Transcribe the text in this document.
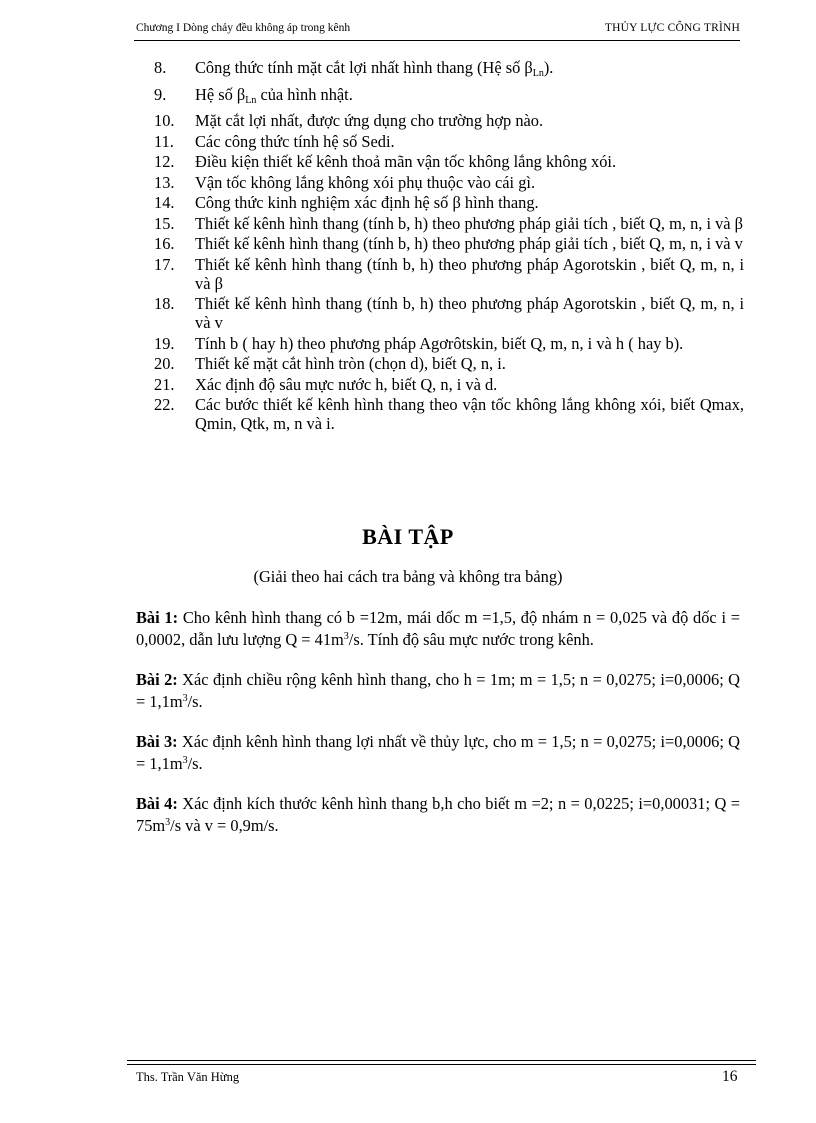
Chương I Dòng chảy đều không áp trong kênh	THỦY LỰC CÔNG TRÌNH
8. Công thức tính mặt cắt lợi nhất hình thang (Hệ số $\beta_{Ln}$).
9. Hệ số $\beta_{Ln}$ của hình nhật.
10. Mặt cắt lợi nhất, được ứng dụng cho trường hợp nào.
11. Các công thức tính hệ số Sedi.
12. Điều kiện thiết kế kênh thoả mãn vận tốc không lắng không xói.
13. Vận tốc không lắng không xói phụ thuộc vào cái gì.
14. Công thức kinh nghiệm xác định hệ số β hình thang.
15. Thiết kế kênh hình thang (tính b, h) theo phương pháp giải tích , biết Q, m, n, i và β
16. Thiết kế kênh hình thang (tính b, h) theo phương pháp giải tích , biết Q, m, n, i và v
17. Thiết kế kênh hình thang (tính b, h) theo phương pháp Agorotskin , biết Q, m, n, i và β
18. Thiết kế kênh hình thang (tính b, h) theo phương pháp Agorotskin , biết Q, m, n, i và v
19. Tính b ( hay h) theo phương pháp Agơrôtskin, biết Q, m, n, i và h ( hay b).
20. Thiết kế mặt cắt hình tròn (chọn d), biết Q, n, i.
21. Xác định độ sâu mực nước h, biết Q, n, i và d.
22. Các bước thiết kế kênh hình thang theo vận tốc không lắng không xói, biết Qmax, Qmin, Qtk, m, n và i.
BÀI TẬP
(Giải theo hai cách tra bảng và không tra bảng)
Bài 1: Cho kênh hình thang có b =12m, mái dốc m =1,5, độ nhám n = 0,025 và độ dốc i = 0,0002, dẫn lưu lượng $Q = 41m^3/s$. Tính độ sâu mực nước trong kênh.
Bài 2: Xác định chiều rộng kênh hình thang, cho h = 1m; m = 1,5; n = 0,0275; i=0,0006; $Q = 1,1m^3/s$.
Bài 3: Xác định kênh hình thang lợi nhất về thủy lực, cho m = 1,5; n = 0,0275; i=0,0006; $Q = 1,1m^3/s$.
Bài 4: Xác định kích thước kênh hình thang b,h cho biết m =2; n = 0,0225; i=0,00031; $Q = 75m^3/s$ và v = 0,9m/s.
Ths. Trần Văn Hừng	16
